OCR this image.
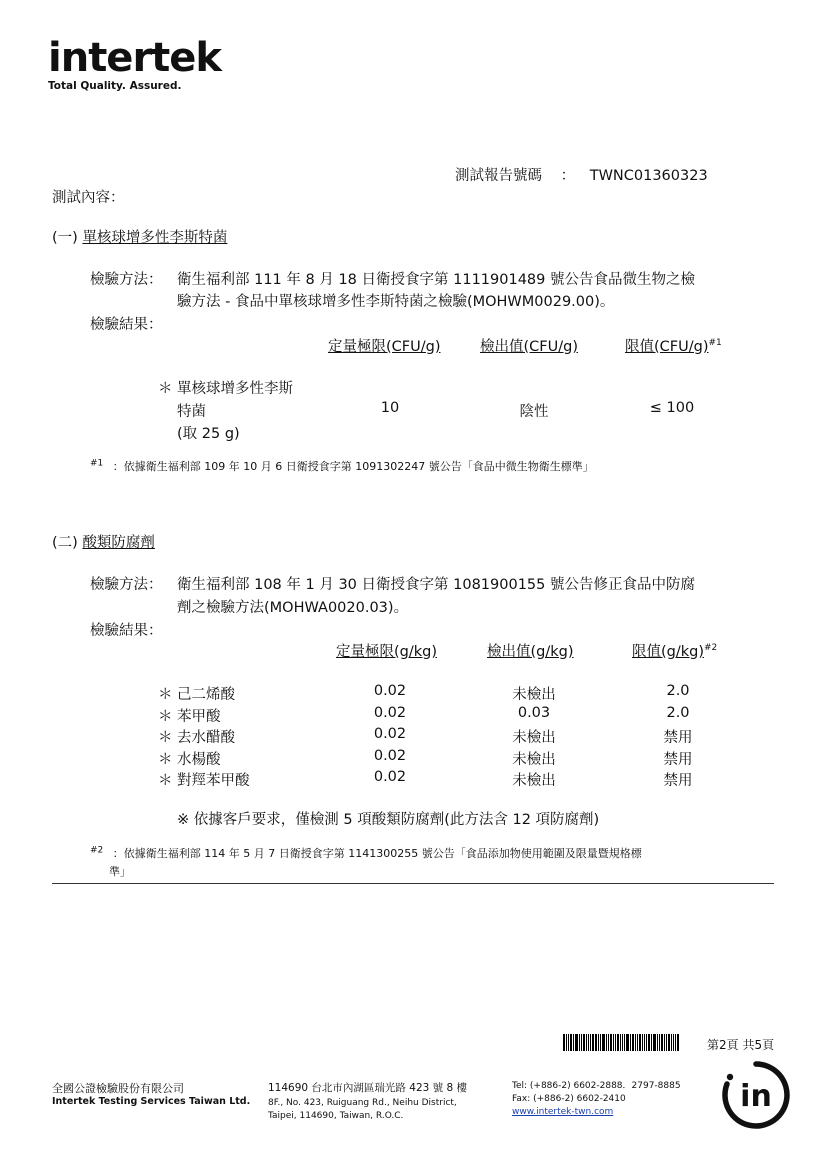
intertek
Total Quality. Assured.
測試報告號碼 ： TWNC01360323
測試內容：
(一) 單核球增多性李斯特菌
檢驗方法： 衛生福利部 111 年 8 月 18 日衛授食字第 1111901489 號公告食品微生物之檢
驗方法 - 食品中單核球增多性李斯特菌之檢驗(MOHWM0029.00)。
檢驗結果：
定量極限(CFU/g)	檢出值(CFU/g)	限值$(CFU/g)^{\#1}$
＊ 單核球增多性李斯
特菌
(取 25 g)
10	陰性	≤ 100
$^{\#1}$ ：依據衛生福利部 109 年 10 月 6 日衛授食字第 1091302247 號公告「食品中微生物衛生標準」
(二) 酸類防腐劑
檢驗方法： 衛生福利部 108 年 1 月 30 日衛授食字第 1081900155 號公告修正食品中防腐
劑之檢驗方法(MOHWA0020.03)。
檢驗結果：
定量極限(g/kg)	檢出值(g/kg)	限值$(g/kg)^{\#2}$
＊ 己二烯酸	0.02	未檢出	2.0
＊ 苯甲酸	0.02	0.03	2.0
＊ 去水醋酸	0.02	未檢出	禁用
＊ 水楊酸	0.02	未檢出	禁用
＊ 對羥苯甲酸	0.02	未檢出	禁用
※ 依據客戶要求，僅檢測 5 項酸類防腐劑(此方法含 12 項防腐劑)
$^{\#2}$ ：依據衛生福利部 114 年 5 月 7 日衛授食字第 1141300255 號公告「食品添加物使用範圍及限量暨規格標
準」
第2頁 共5頁
全國公證檢驗股份有限公司
Intertek Testing Services Taiwan Ltd.
114690 台北市內湖區瑞光路 423 號 8 樓
8F., No. 423, Ruiguang Rd., Neihu District,
Taipei, 114690, Taiwan, R.O.C.
Tel: (+886-2) 6602-2888．2797-8885
Fax: (+886-2) 6602-2410
www.intertek-twn.com	in
